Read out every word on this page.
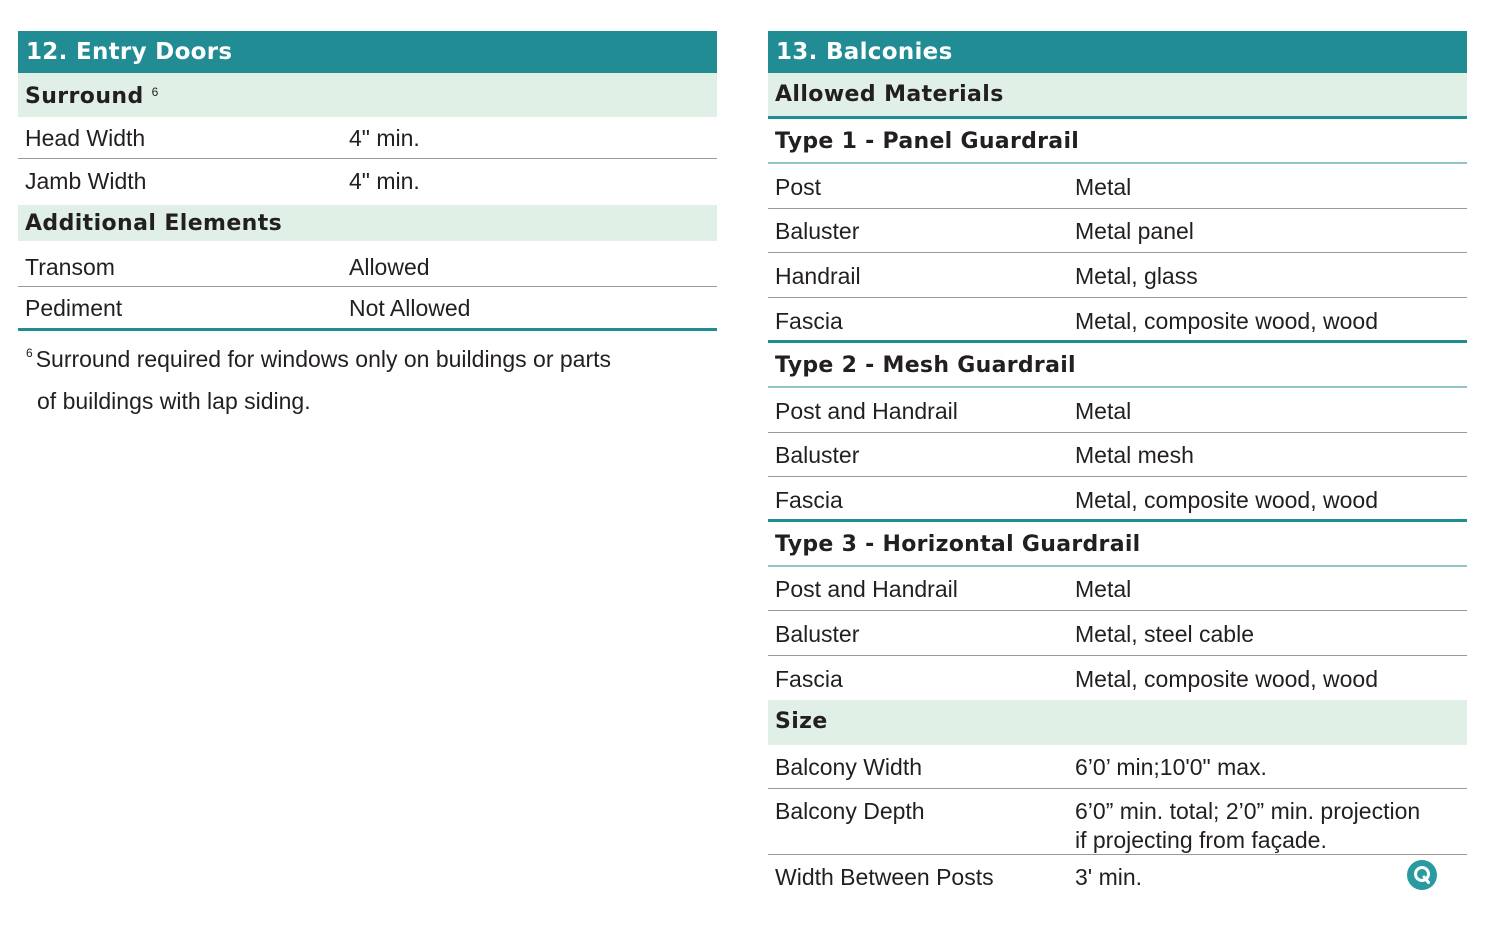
12. Entry Doors
Surround $^6$
Head Width	4" min.
Jamb Width	4" min.
Additional Elements
Transom	Allowed
Pediment	Not Allowed
$^6$ Surround required for windows only on buildings or parts
of buildings with lap siding.
13. Balconies
Allowed Materials
Type 1 - Panel Guardrail
Post	Metal
Baluster	Metal panel
Handrail	Metal, glass
Fascia	Metal, composite wood, wood
Type 2 - Mesh Guardrail
Post and Handrail	Metal
Baluster	Metal mesh
Fascia	Metal, composite wood, wood
Type 3 - Horizontal Guardrail
Post and Handrail	Metal
Baluster	Metal, steel cable
Fascia	Metal, composite wood, wood
Size
Balcony Width	6’0’ min;10'0" max.
Balcony Depth	6’0” min. total; 2’0” min. projection
if projecting from façade.
Width Between Posts	3' min.
